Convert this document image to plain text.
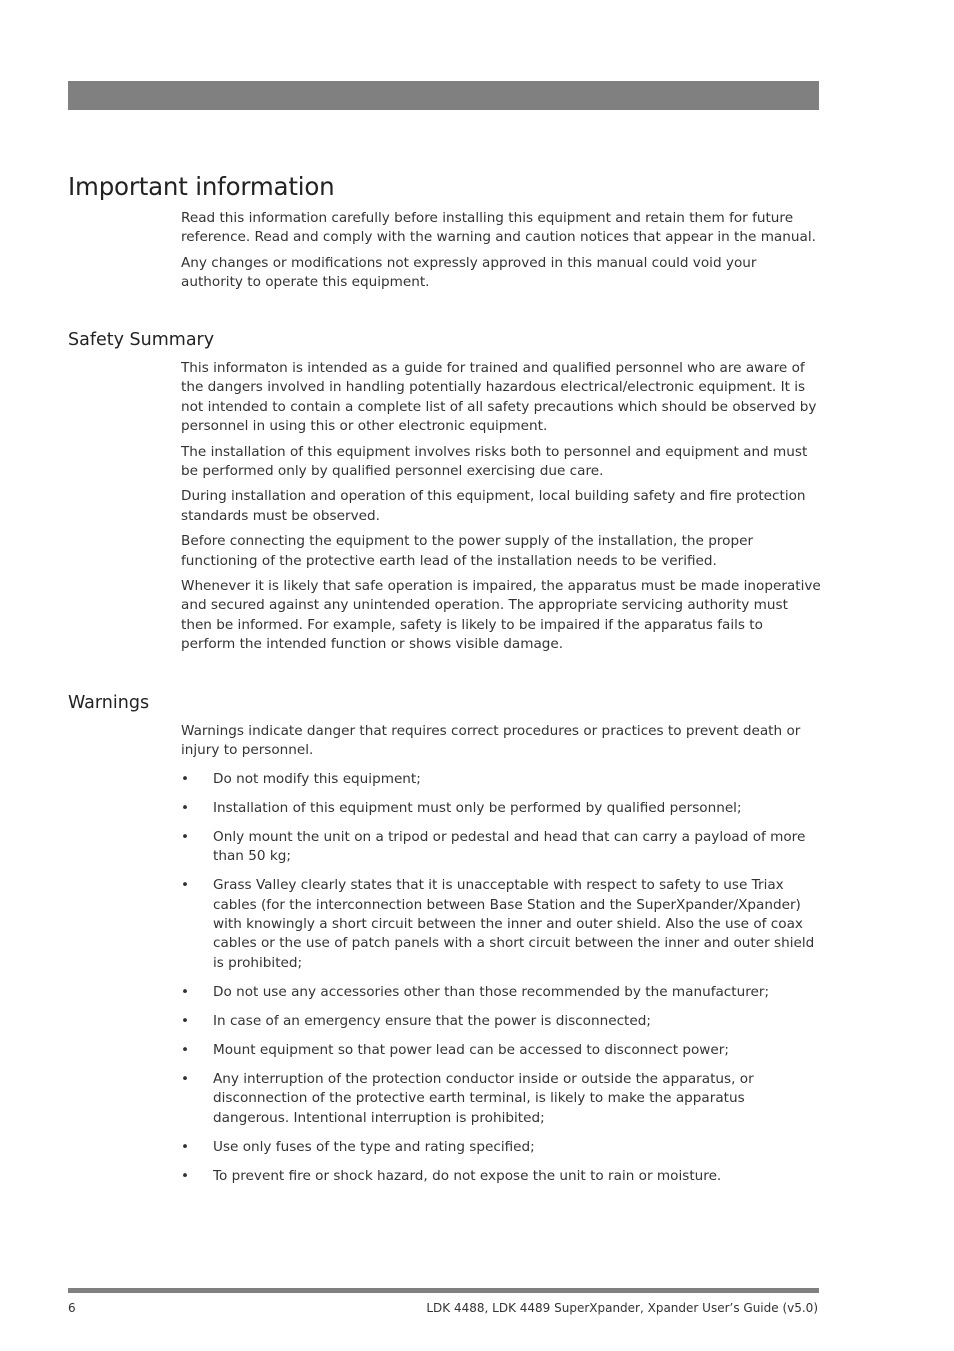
Important information

Read this information carefully before installing this equipment and retain them for future reference. Read and comply with the warning and caution notices that appear in the manual.

Any changes or modifications not expressly approved in this manual could void your authority to operate this equipment.

Safety Summary

This informaton is intended as a guide for trained and qualified personnel who are aware of the dangers involved in handling potentially hazardous electrical/electronic equipment. It is not intended to contain a complete list of all safety precautions which should be observed by personnel in using this or other electronic equipment.

The installation of this equipment involves risks both to personnel and equipment and must be performed only by qualified personnel exercising due care.

During installation and operation of this equipment, local building safety and fire protection standards must be observed.

Before connecting the equipment to the power supply of the installation, the proper functioning of the protective earth lead of the installation needs to be verified.

Whenever it is likely that safe operation is impaired, the apparatus must be made inoperative and secured against any unintended operation. The appropriate servicing authority must then be informed. For example, safety is likely to be impaired if the apparatus fails to perform the intended function or shows visible damage.

Warnings

Warnings indicate danger that requires correct procedures or practices to prevent death or injury to personnel.

• Do not modify this equipment;
• Installation of this equipment must only be performed by qualified personnel;
• Only mount the unit on a tripod or pedestal and head that can carry a payload of more than 50 kg;
• Grass Valley clearly states that it is unacceptable with respect to safety to use Triax cables (for the interconnection between Base Station and the SuperXpander/Xpander) with knowingly a short circuit between the inner and outer shield. Also the use of coax cables or the use of patch panels with a short circuit between the inner and outer shield is prohibited;
• Do not use any accessories other than those recommended by the manufacturer;
• In case of an emergency ensure that the power is disconnected;
• Mount equipment so that power lead can be accessed to disconnect power;
• Any interruption of the protection conductor inside or outside the apparatus, or disconnection of the protective earth terminal, is likely to make the apparatus dangerous. Intentional interruption is prohibited;
• Use only fuses of the type and rating specified;
• To prevent fire or shock hazard, do not expose the unit to rain or moisture.
6	LDK 4488, LDK 4489 SuperXpander, Xpander User’s Guide (v5.0)
